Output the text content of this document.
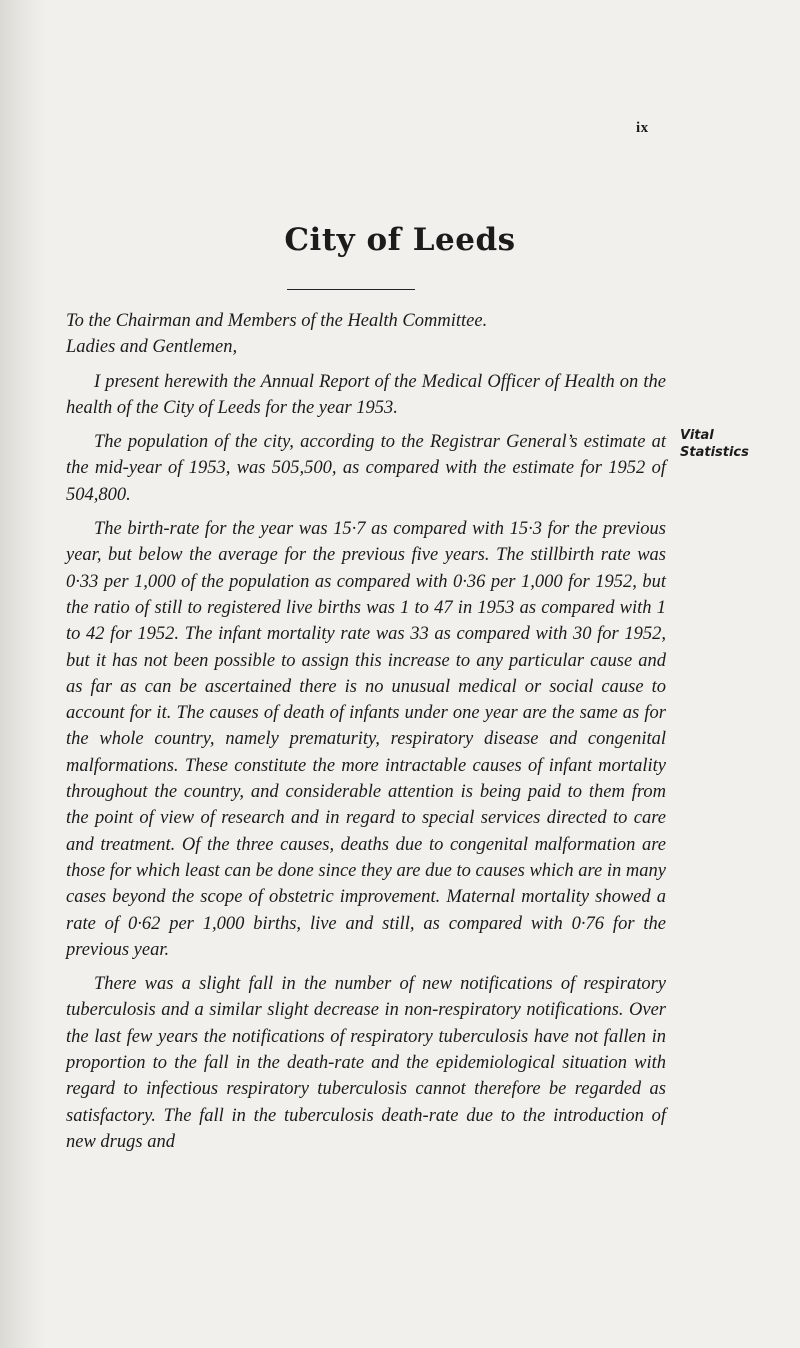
ix
City of Leeds

To the Chairman and Members of the Health Committee.

Ladies and Gentlemen,

I present herewith the Annual Report of the Medical Officer of Health on the health of the City of Leeds for the year 1953.

The population of the city, according to the Registrar General’s estimate at the mid-year of 1953, was 505,500, as compared with the estimate for 1952 of 504,800.

The birth-rate for the year was 15·7 as compared with 15·3 for the previous year, but below the average for the previous five years. The stillbirth rate was 0·33 per 1,000 of the population as compared with 0·36 per 1,000 for 1952, but the ratio of still to registered live births was 1 to 47 in 1953 as compared with 1 to 42 for 1952. The infant mortality rate was 33 as compared with 30 for 1952, but it has not been possible to assign this increase to any particular cause and as far as can be ascertained there is no unusual medical or social cause to account for it. The causes of death of infants under one year are the same as for the whole country, namely prematurity, respiratory disease and congenital malformations. These constitute the more intractable causes of infant mortality throughout the country, and considerable attention is being paid to them from the point of view of research and in regard to special services directed to care and treatment. Of the three causes, deaths due to congenital malformation are those for which least can be done since they are due to causes which are in many cases beyond the scope of obstetric improvement. Maternal mortality showed a rate of 0·62 per 1,000 births, live and still, as compared with 0·76 for the previous year.

There was a slight fall in the number of new notifications of respiratory tuberculosis and a similar slight decrease in non-respiratory notifications. Over the last few years the notifications of respiratory tuberculosis have not fallen in proportion to the fall in the death-rate and the epidemiological situation with regard to infectious respiratory tuberculosis cannot therefore be regarded as satisfactory. The fall in the tuberculosis death-rate due to the introduction of new drugs and

Vital
Statistics
